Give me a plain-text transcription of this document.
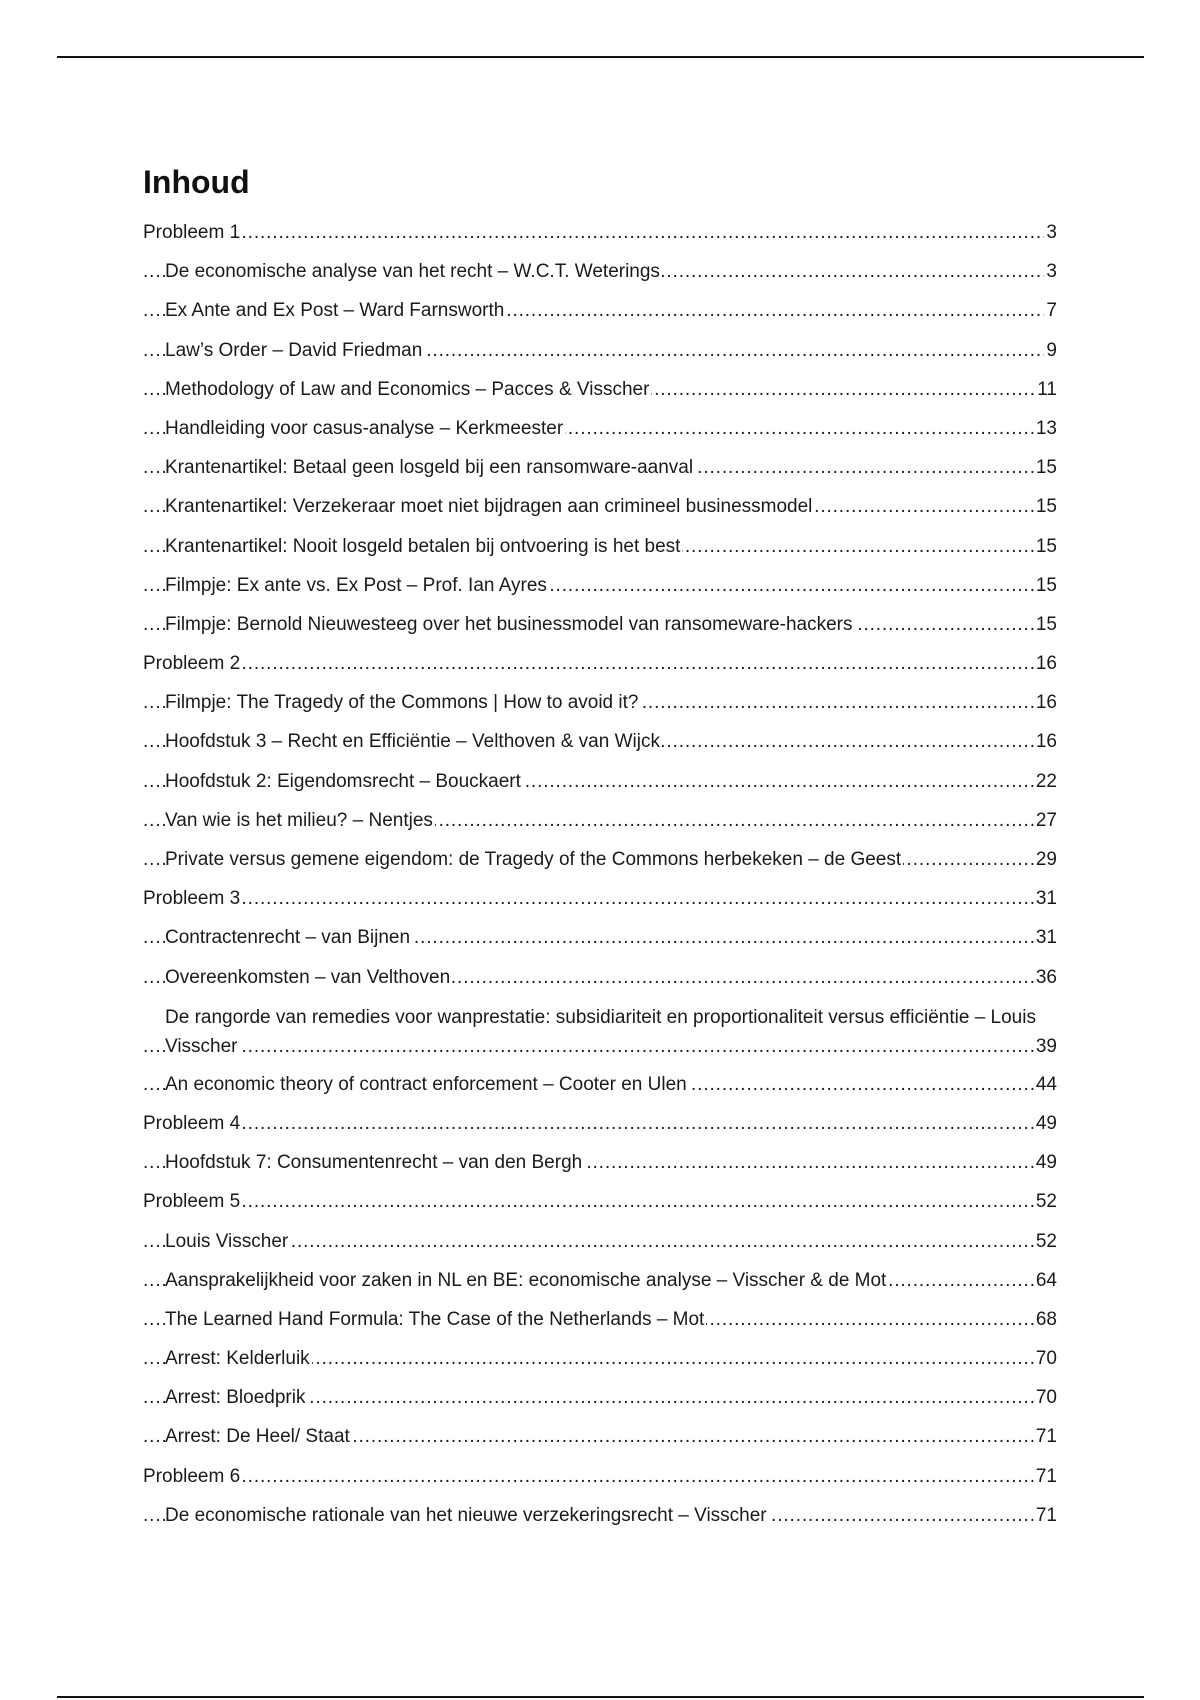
Inhoud
. . .
Probleem 1	3
. . .
De economische analyse van het recht – W.C.T. Weterings	3
. . .
Ex Ante and Ex Post – Ward Farnsworth	7
. . .
Law’s Order – David Friedman	9
. . .
Methodology of Law and Economics – Pacces & Visscher	11
. . .
Handleiding voor casus-analyse – Kerkmeester	13
. . .
Krantenartikel: Betaal geen losgeld bij een ransomware-aanval	15
. . .
Krantenartikel: Verzekeraar moet niet bijdragen aan crimineel businessmodel	15
. . .
Krantenartikel: Nooit losgeld betalen bij ontvoering is het best	15
. . .
Filmpje: Ex ante vs. Ex Post – Prof. Ian Ayres	15
. . .
Filmpje: Bernold Nieuwesteeg over het businessmodel van ransomeware-hackers	15
. . .
Probleem 2	16
. . .
Filmpje: The Tragedy of the Commons | How to avoid it?	16
. . .
Hoofdstuk 3 – Recht en Efficiëntie – Velthoven & van Wijck	16
. . .
Hoofdstuk 2: Eigendomsrecht – Bouckaert	22
. . .
Van wie is het milieu? – Nentjes	27
. . .
Private versus gemene eigendom: de Tragedy of the Commons herbekeken – de Geest	29
. . .
Probleem 3	31
. . .
Contractenrecht – van Bijnen	31
. . .
Overeenkomsten – van Velthoven	36
. . .
De rangorde van remedies voor wanprestatie: subsidiariteit en proportionaliteit versus efficiëntie – Louis Visscher	39
. . .
An economic theory of contract enforcement – Cooter en Ulen	44
. . .
Probleem 4	49
. . .
Hoofdstuk 7: Consumentenrecht – van den Bergh	49
. . .
Probleem 5	52
. . .
Louis Visscher	52
. . .
Aansprakelijkheid voor zaken in NL en BE: economische analyse – Visscher & de Mot	64
. . .
The Learned Hand Formula: The Case of the Netherlands – Mot	68
. . .
Arrest: Kelderluik	70
. . .
Arrest: Bloedprik	70
. . .
Arrest: De Heel/ Staat	71
. . .
Probleem 6	71
. . .
De economische rationale van het nieuwe verzekeringsrecht – Visscher	71
